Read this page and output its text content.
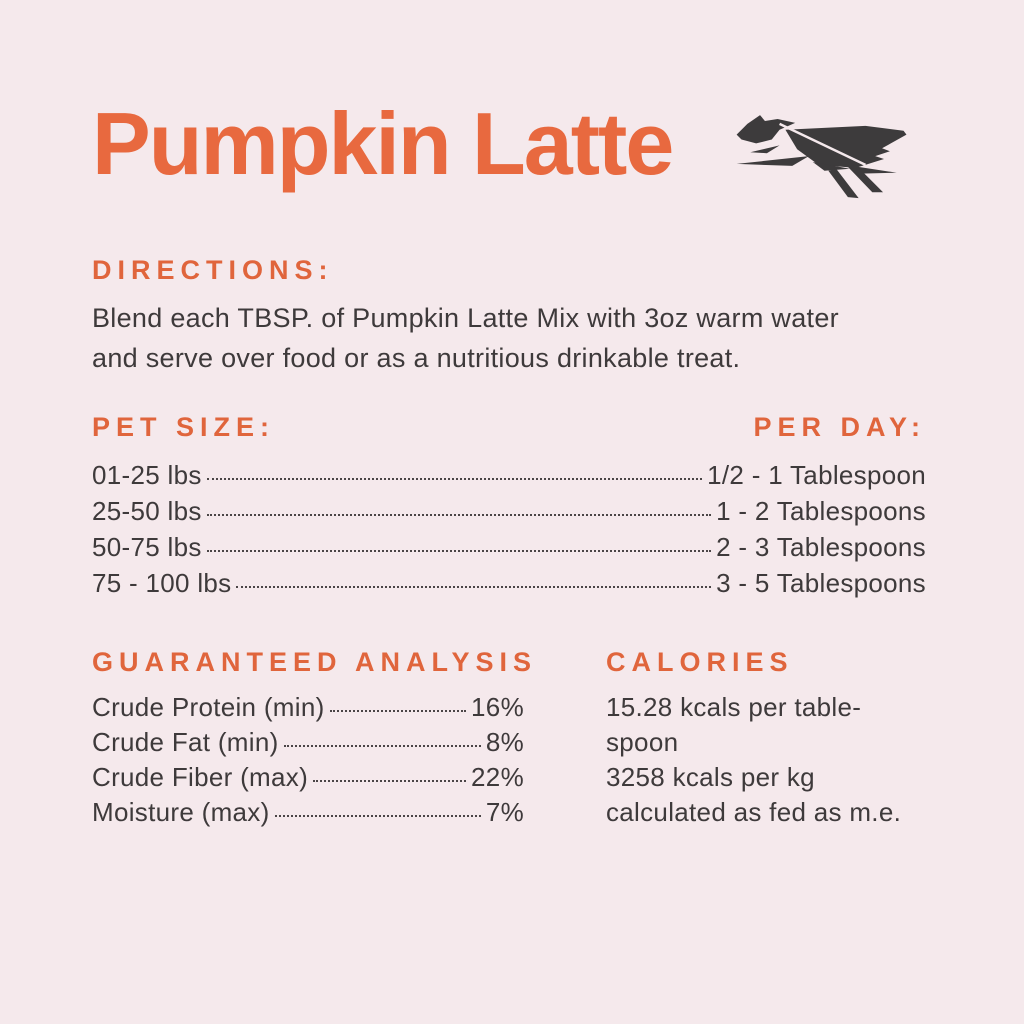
Pumpkin Latte
DIRECTIONS:
Blend each TBSP. of Pumpkin Latte Mix with 3oz warm water and serve over food or as a nutritious drinkable treat.
PET SIZE:	PER DAY:
01-25 lbs	1/2 - 1 Tablespoon
25-50 lbs	1 - 2 Tablespoons
50-75 lbs	2 - 3 Tablespoons
75 - 100 lbs	3 - 5 Tablespoons
GUARANTEED ANALYSIS
Crude Protein (min)	16%
Crude Fat (min)	8%
Crude Fiber (max)	22%
Moisture (max)	7%
CALORIES
15.28 kcals per table-
spoon
3258 kcals per kg
calculated as fed as m.e.
